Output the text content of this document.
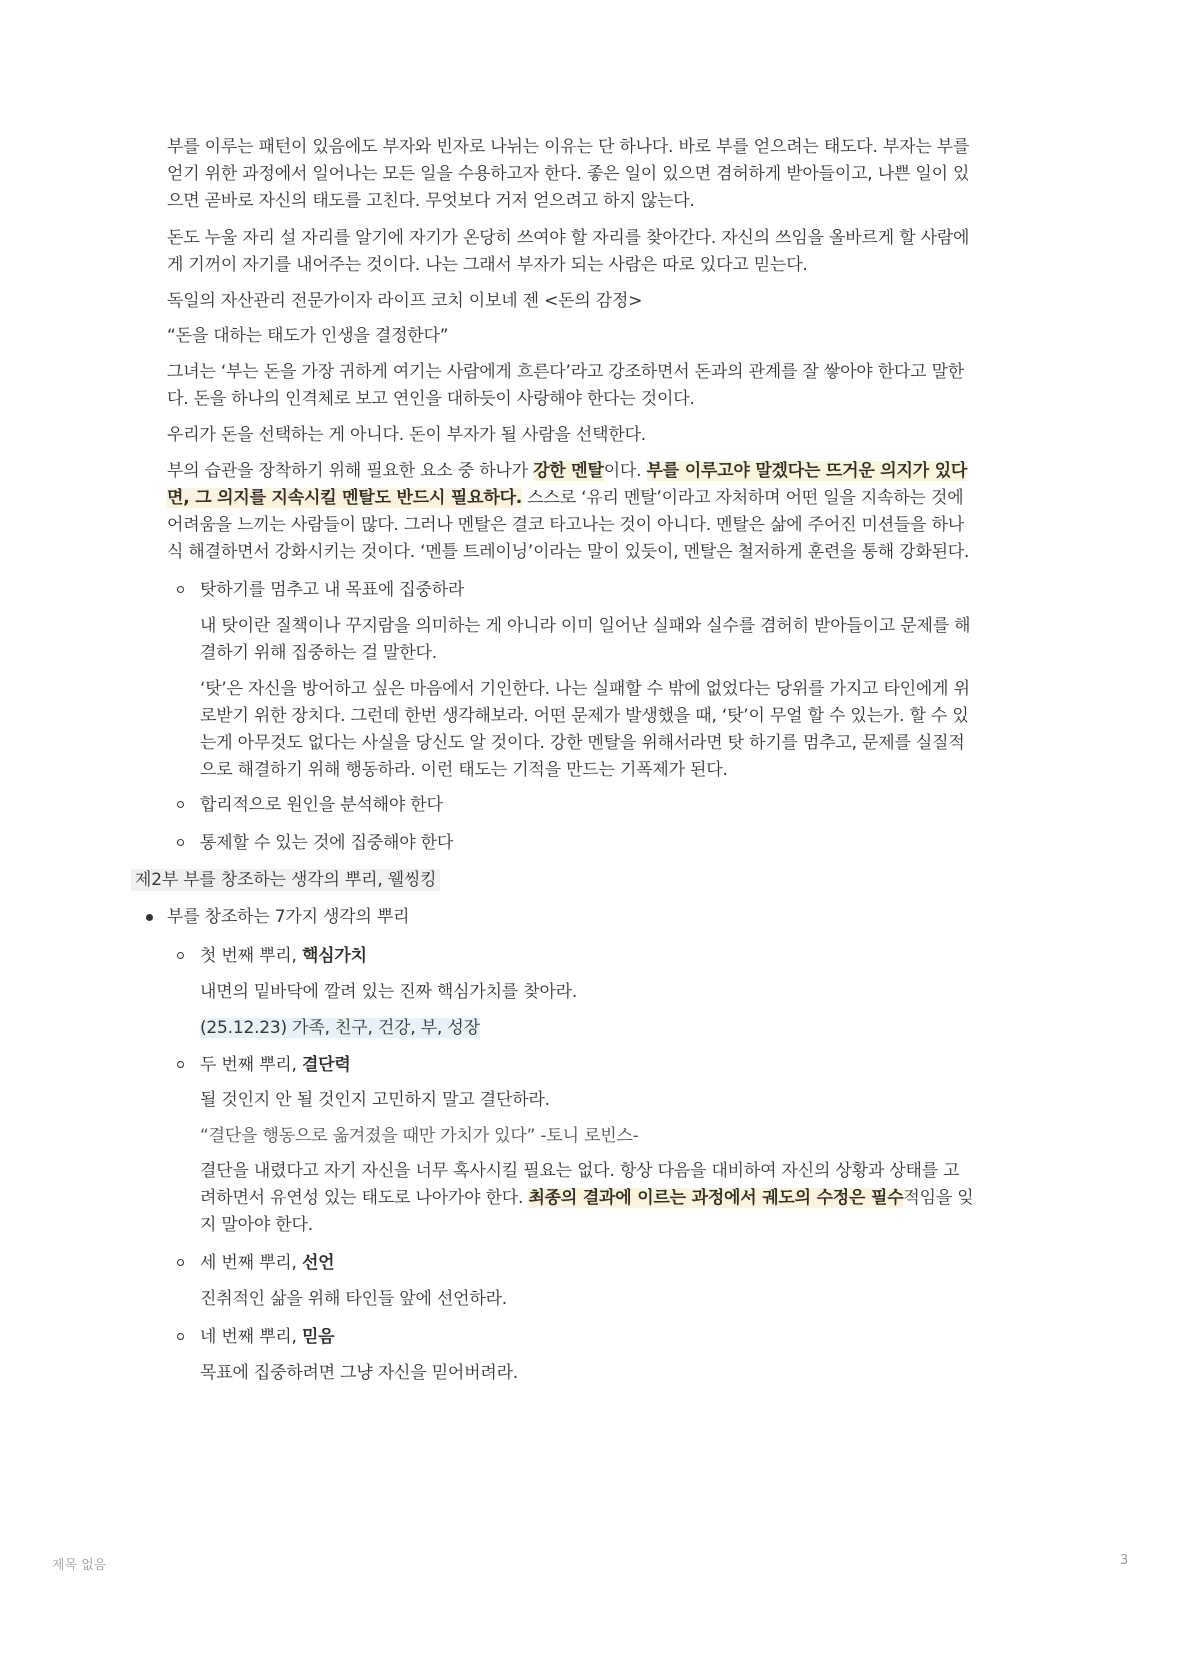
부를 이루는 패턴이 있음에도 부자와 빈자로 나뉘는 이유는 단 하나다. 바로 부를 얻으려는 태도다. 부자는 부를
얻기 위한 과정에서 일어나는 모든 일을 수용하고자 한다. 좋은 일이 있으면 겸허하게 받아들이고, 나쁜 일이 있
으면 곧바로 자신의 태도를 고친다. 무엇보다 거저 얻으려고 하지 않는다.
돈도 누울 자리 설 자리를 알기에 자기가 온당히 쓰여야 할 자리를 찾아간다. 자신의 쓰임을 올바르게 할 사람에
게 기꺼이 자기를 내어주는 것이다. 나는 그래서 부자가 되는 사람은 따로 있다고 믿는다.
독일의 자산관리 전문가이자 라이프 코치 이보네 젠 <돈의 감정>
“돈을 대하는 태도가 인생을 결정한다”
그녀는 ‘부는 돈을 가장 귀하게 여기는 사람에게 흐른다’라고 강조하면서 돈과의 관계를 잘 쌓아야 한다고 말한
다. 돈을 하나의 인격체로 보고 연인을 대하듯이 사랑해야 한다는 것이다.
우리가 돈을 선택하는 게 아니다. 돈이 부자가 될 사람을 선택한다.
부의 습관을 장착하기 위해 필요한 요소 중 하나가 강한 멘탈이다. 부를 이루고야 말겠다는 뜨거운 의지가 있다
면, 그 의지를 지속시킬 멘탈도 반드시 필요하다. 스스로 ‘유리 멘탈’이라고 자처하며 어떤 일을 지속하는 것에
어려움을 느끼는 사람들이 많다. 그러나 멘탈은 결코 타고나는 것이 아니다. 멘탈은 삶에 주어진 미션들을 하나
식 해결하면서 강화시키는 것이다. ‘멘틀 트레이닝’이라는 말이 있듯이, 멘탈은 철저하게 훈련을 통해 강화된다.
탓하기를 멈추고 내 목표에 집중하라
내 탓이란 질책이나 꾸지람을 의미하는 게 아니라 이미 일어난 실패와 실수를 겸허히 받아들이고 문제를 해
결하기 위해 집중하는 걸 말한다.
‘탓’은 자신을 방어하고 싶은 마음에서 기인한다. 나는 실패할 수 밖에 없었다는 당위를 가지고 타인에게 위
로받기 위한 장치다. 그런데 한번 생각해보라. 어떤 문제가 발생했을 때, ‘탓’이 무얼 할 수 있는가. 할 수 있
는게 아무것도 없다는 사실을 당신도 알 것이다. 강한 멘탈을 위해서라면 탓 하기를 멈추고, 문제를 실질적
으로 해결하기 위해 행동하라. 이런 태도는 기적을 만드는 기폭제가 된다.
합리적으로 원인을 분석해야 한다
통제할 수 있는 것에 집중해야 한다
제2부 부를 창조하는 생각의 뿌리, 웰씽킹
부를 창조하는 7가지 생각의 뿌리
첫 번째 뿌리, 핵심가치
내면의 밑바닥에 깔려 있는 진짜 핵심가치를 찾아라.
(25.12.23) 가족, 친구, 건강, 부, 성장
두 번째 뿌리, 결단력
될 것인지 안 될 것인지 고민하지 말고 결단하라.
“결단을 행동으로 옮겨졌을 때만 가치가 있다” -토니 로빈스-
결단을 내렸다고 자기 자신을 너무 혹사시킬 필요는 없다. 항상 다음을 대비하여 자신의 상황과 상태를 고
려하면서 유연성 있는 태도로 나아가야 한다. 최종의 결과에 이르는 과정에서 궤도의 수정은 필수적임을 잊
지 말아야 한다.
세 번째 뿌리, 선언
진취적인 삶을 위해 타인들 앞에 선언하라.
네 번째 뿌리, 믿음
목표에 집중하려면 그냥 자신을 믿어버려라.
제목 없음	3
